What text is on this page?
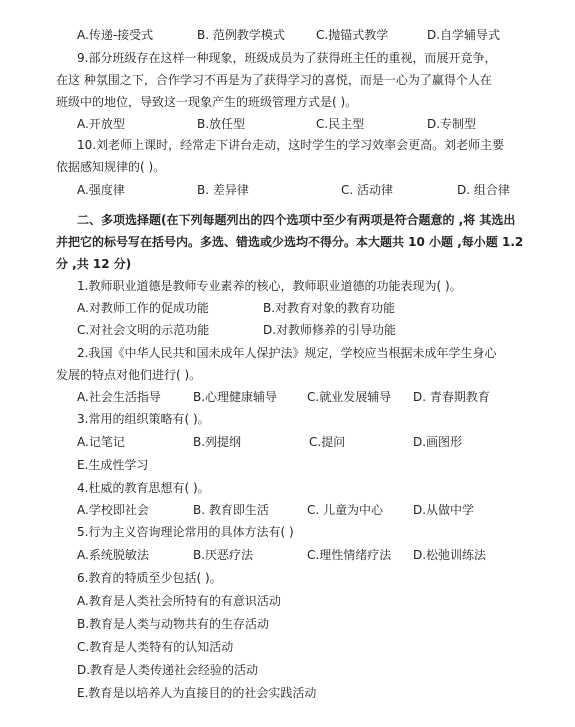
A.传递-接受式	B. 范例教学模式	C.抛锚式教学	D.自学辅导式
9.部分班级存在这样一种现象，班级成员为了获得班主任的重视，而展开竞争，
在这 种氛围之下，合作学习不再是为了获得学习的喜悦，而是一心为了赢得个人在
班级中的地位，导致这一现象产生的班级管理方式是( )。
A.开放型	B.放任型	C.民主型	D.专制型
10.刘老师上课时，经常走下讲台走动，这时学生的学习效率会更高。刘老师主要
依据感知规律的( )。
A.强度律	B. 差异律	C. 活动律	D. 组合律
二、多项选择题(在下列每题列出的四个选项中至少有两项是符合题意的 ,将 其选出
并把它的标号写在括号内。多选、错选或少选均不得分。本大题共 10 小题 ,每小题 1.2
分 ,共 12 分)
1.教师职业道德是教师专业素养的核心，教师职业道德的功能表现为( )。
A.对教师工作的促成功能	B.对教育对象的教育功能
C.对社会文明的示范功能	D.对教师修养的引导功能
2.我国《中华人民共和国未成年人保护法》规定，学校应当根据未成年学生身心
发展的特点对他们进行( )。
A.社会生活指导	B.心理健康辅导 C.就业发展辅导 D. 青春期教育
3.常用的组织策略有( )。
A.记笔记	B.列提纲	C.提问	D.画图形
E.生成性学习
4.杜威的教育思想有( )。
A.学校即社会	B. 教育即生活	C. 儿童为中心 D.从做中学
5.行为主义咨询理论常用的具体方法有( )
A.系统脱敏法	B.厌恶疗法	C.理性情绪疗法 D.松弛训练法
6.教育的特质至少包括( )。
A.教育是人类社会所特有的有意识活动
B.教育是人类与动物共有的生存活动
C.教育是人类特有的认知活动
D.教育是人类传递社会经验的活动
E.教育是以培养人为直接目的的社会实践活动
